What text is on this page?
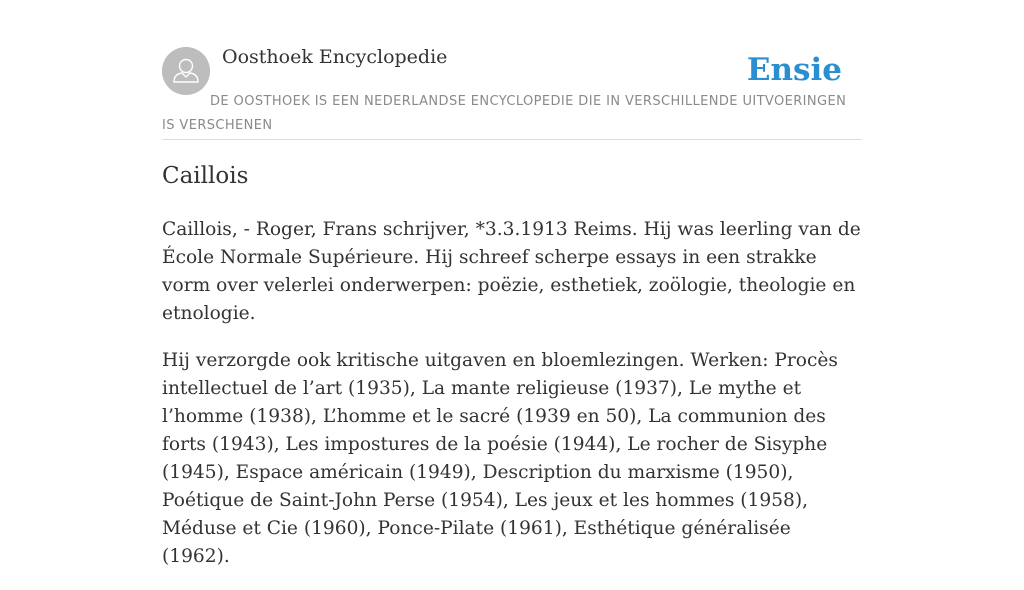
Oosthoek Encyclopedie	Ensie
DE OOSTHOEK IS EEN NEDERLANDSE ENCYCLOPEDIE DIE IN VERSCHILLENDE UITVOERINGEN IS VERSCHENEN
Caillois

Caillois, - Roger, Frans schrijver, *3.3.1913 Reims. Hij was leerling van de École Normale Supérieure. Hij schreef scherpe essays in een strakke vorm over velerlei onderwerpen: poëzie, esthetiek, zoölogie, theologie en etnologie.

Hij verzorgde ook kritische uitgaven en bloemlezingen. Werken: Procès intellectuel de l’art (1935), La mante religieuse (1937), Le mythe et l’homme (1938), L’homme et le sacré (1939 en 50), La communion des forts (1943), Les impostures de la poésie (1944), Le rocher de Sisyphe (1945), Espace américain (1949), Description du marxisme (1950), Poétique de Saint-John Perse (1954), Les jeux et les hommes (1958), Méduse et Cie (1960), Ponce-Pilate (1961), Esthétique généralisée (1962).
